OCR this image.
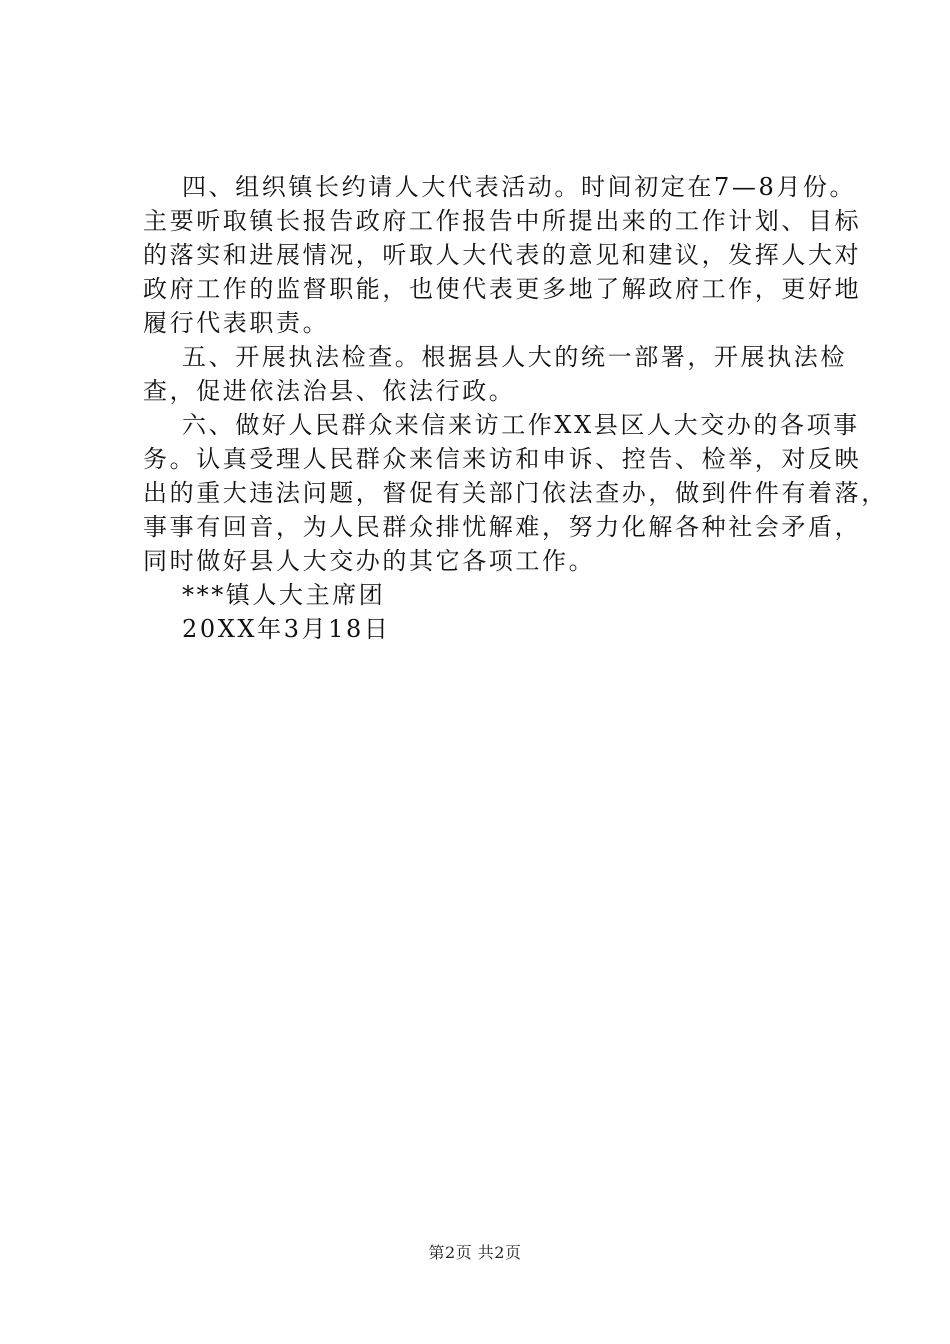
四、组织镇长约请人大代表活动。时间初定在7—8月份。
主要听取镇长报告政府工作报告中所提出来的工作计划、目标
的落实和进展情况，听取人大代表的意见和建议，发挥人大对
政府工作的监督职能，也使代表更多地了解政府工作，更好地
履行代表职责。
五、开展执法检查。根据县人大的统一部署，开展执法检
查，促进依法治县、依法行政。
六、做好人民群众来信来访工作XX县区人大交办的各项事
务。认真受理人民群众来信来访和申诉、控告、检举，对反映
出的重大违法问题，督促有关部门依法查办，做到件件有着落，
事事有回音，为人民群众排忧解难，努力化解各种社会矛盾，
同时做好县人大交办的其它各项工作。
***镇人大主席团
20XX年3月18日
第2页 共2页
